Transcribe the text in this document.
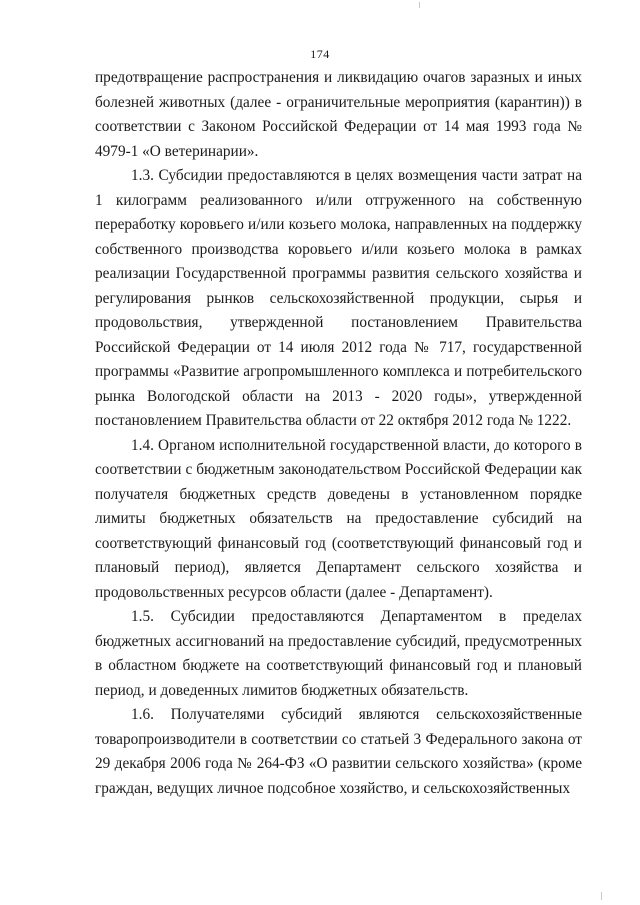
174

предотвращение распространения и ликвидацию очагов заразных и иных болезней животных (далее - ограничительные мероприятия (карантин)) в соответствии с Законом Российской Федерации от 14 мая 1993 года № 4979-1 «О ветеринарии».

1.3. Субсидии предоставляются в целях возмещения части затрат на 1 килограмм реализованного и/или отгруженного на собственную переработку коровьего и/или козьего молока, направленных на поддержку собственного производства коровьего и/или козьего молока в рамках реализации Государственной программы развития сельского хозяйства и регулирования рынков сельскохозяйственной продукции, сырья и продовольствия, утвержденной постановлением Правительства Российской Федерации от 14 июля 2012 года № 717, государственной программы «Развитие агропромышленного комплекса и потребительского рынка Вологодской области на 2013 - 2020 годы», утвержденной постановлением Правительства области от 22 октября 2012 года № 1222.

1.4. Органом исполнительной государственной власти, до которого в соответствии с бюджетным законодательством Российской Федерации как получателя бюджетных средств доведены в установленном порядке лимиты бюджетных обязательств на предоставление субсидий на соответствующий финансовый год (соответствующий финансовый год и плановый период), является Департамент сельского хозяйства и продовольственных ресурсов области (далее - Департамент).

1.5. Субсидии предоставляются Департаментом в пределах бюджетных ассигнований на предоставление субсидий, предусмотренных в областном бюджете на соответствующий финансовый год и плановый период, и доведенных лимитов бюджетных обязательств.

1.6. Получателями субсидий являются сельскохозяйственные товаропроизводители в соответствии со статьей 3 Федерального закона от 29 декабря 2006 года № 264-ФЗ «О развитии сельского хозяйства» (кроме граждан, ведущих личное подсобное хозяйство, и сельскохозяйственных
